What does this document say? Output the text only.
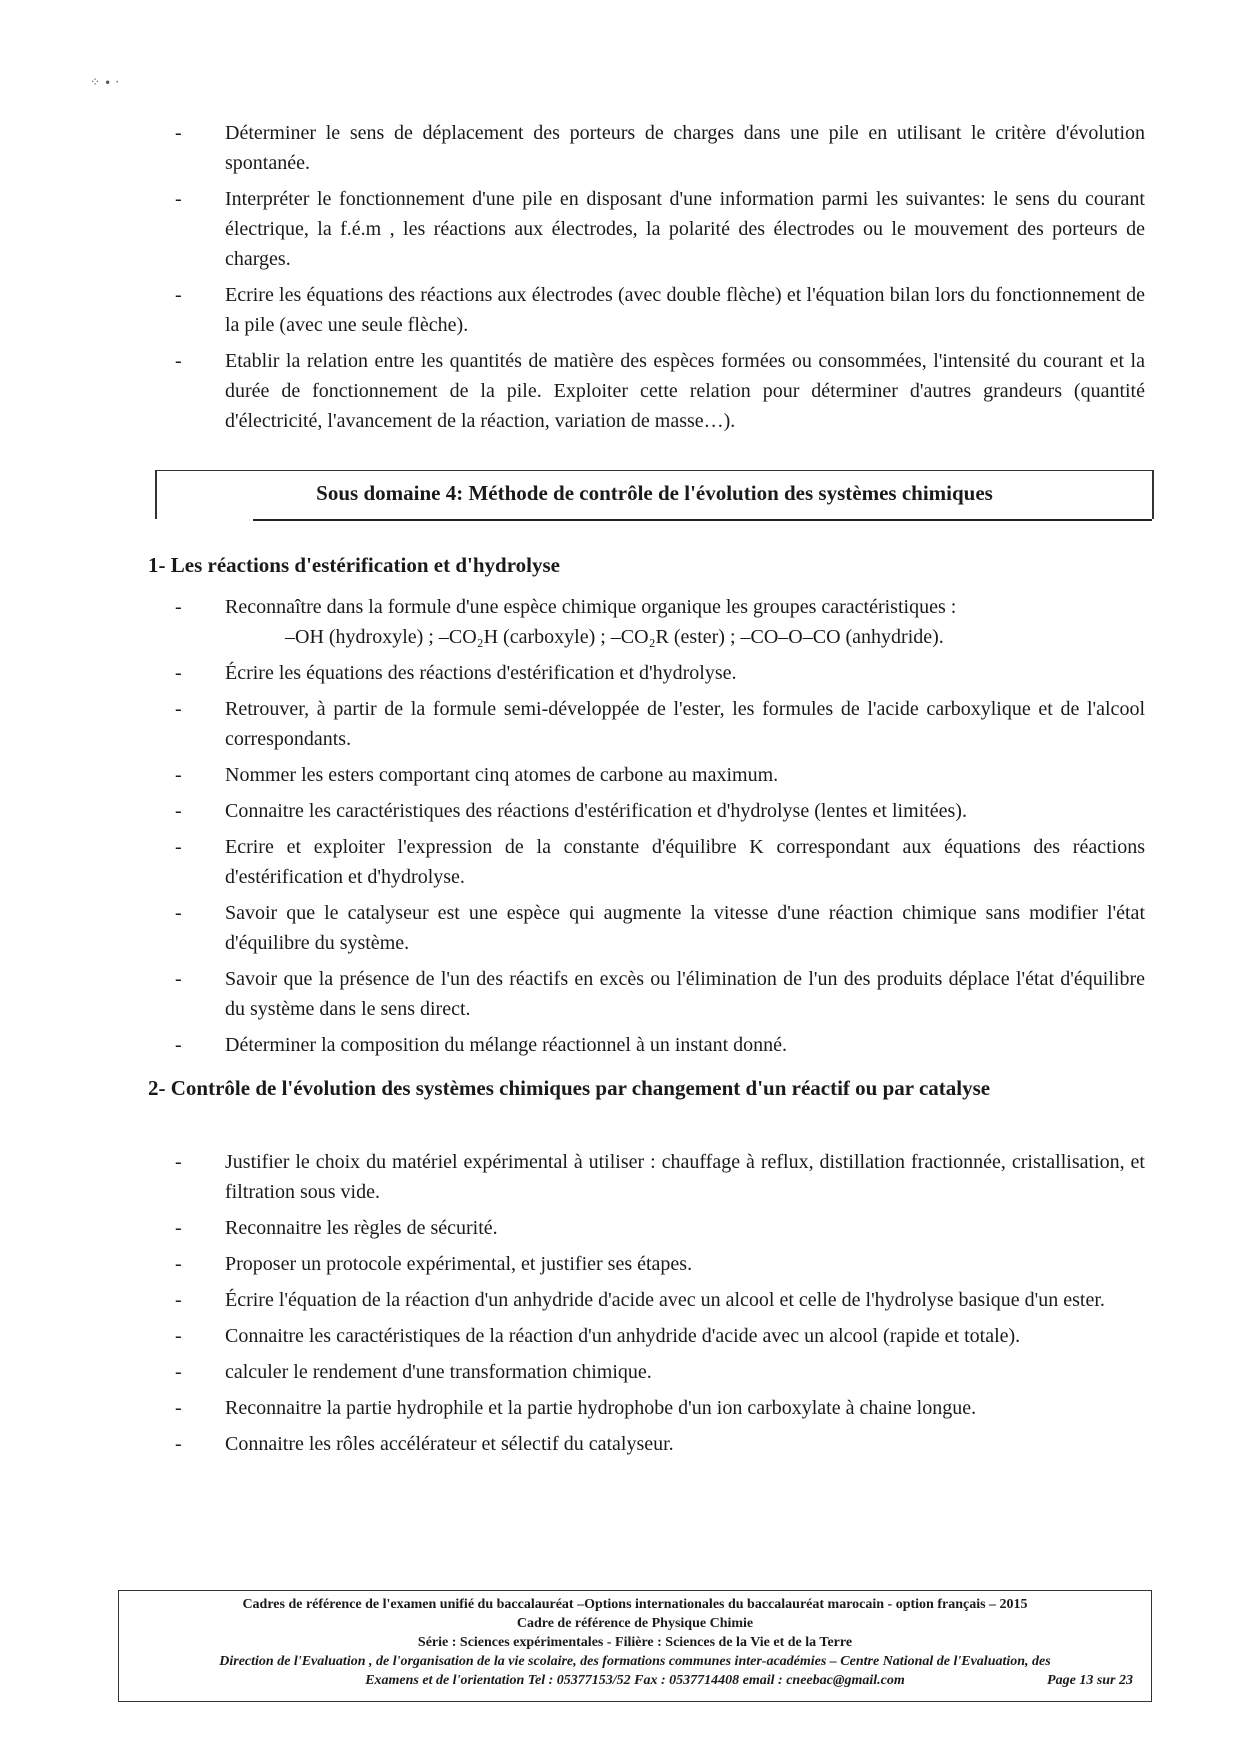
⁘ ∙ ·
- Déterminer le sens de déplacement des porteurs de charges dans une pile en utilisant le critère d'évolution spontanée.
- Interpréter le fonctionnement d'une pile en disposant d'une information parmi les suivantes: le sens du courant électrique, la f.é.m , les réactions aux électrodes, la polarité des électrodes ou le mouvement des porteurs de charges.
- Ecrire les équations des réactions aux électrodes (avec double flèche) et l'équation bilan lors du fonctionnement de la pile (avec une seule flèche).
- Etablir la relation entre les quantités de matière des espèces formées ou consommées, l'intensité du courant et la durée de fonctionnement de la pile. Exploiter cette relation pour déterminer d'autres grandeurs (quantité d'électricité, l'avancement de la réaction, variation de masse…).
Sous domaine 4: Méthode de contrôle de l'évolution des systèmes chimiques
1- Les réactions d'estérification et d'hydrolyse
- Reconnaître dans la formule d'une espèce chimique organique les groupes caractéristiques :
–OH (hydroxyle) ; –CO₂H (carboxyle) ; –CO₂R (ester) ; –CO–O–CO (anhydride).
- Écrire les équations des réactions d'estérification et d'hydrolyse.
- Retrouver, à partir de la formule semi-développée de l'ester, les formules de l'acide carboxylique et de l'alcool correspondants.
- Nommer les esters comportant cinq atomes de carbone au maximum.
- Connaitre les caractéristiques des réactions d'estérification et d'hydrolyse (lentes et limitées).
- Ecrire et exploiter l'expression de la constante d'équilibre K correspondant aux équations des réactions d'estérification et d'hydrolyse.
- Savoir que le catalyseur est une espèce qui augmente la vitesse d'une réaction chimique sans modifier l'état d'équilibre du système.
- Savoir que la présence de l'un des réactifs en excès ou l'élimination de l'un des produits déplace l'état d'équilibre du système dans le sens direct.
- Déterminer la composition du mélange réactionnel à un instant donné.
2- Contrôle de l'évolution des systèmes chimiques par changement d'un réactif ou par catalyse
- Justifier le choix du matériel expérimental à utiliser : chauffage à reflux, distillation fractionnée, cristallisation, et filtration sous vide.
- Reconnaitre les règles de sécurité.
- Proposer un protocole expérimental, et justifier ses étapes.
- Écrire l'équation de la réaction d'un anhydride d'acide avec un alcool et celle de l'hydrolyse basique d'un ester.
- Connaitre les caractéristiques de la réaction d'un anhydride d'acide avec un alcool (rapide et totale).
- calculer le rendement d'une transformation chimique.
- Reconnaitre la partie hydrophile et la partie hydrophobe d'un ion carboxylate à chaine longue.
- Connaitre les rôles accélérateur et sélectif du catalyseur.
Cadres de référence de l'examen unifié du baccalauréat –Options internationales du baccalauréat marocain - option français – 2015
Cadre de référence de Physique Chimie
Série : Sciences expérimentales - Filière : Sciences de la Vie et de la Terre
Direction de l'Evaluation , de l'organisation de la vie scolaire, des formations communes inter-académies – Centre National de l'Evaluation, des
Examens et de l'orientation Tel : 05377153/52 Fax : 0537714408 email : cneebac@gmail.com	Page 13 sur 23
